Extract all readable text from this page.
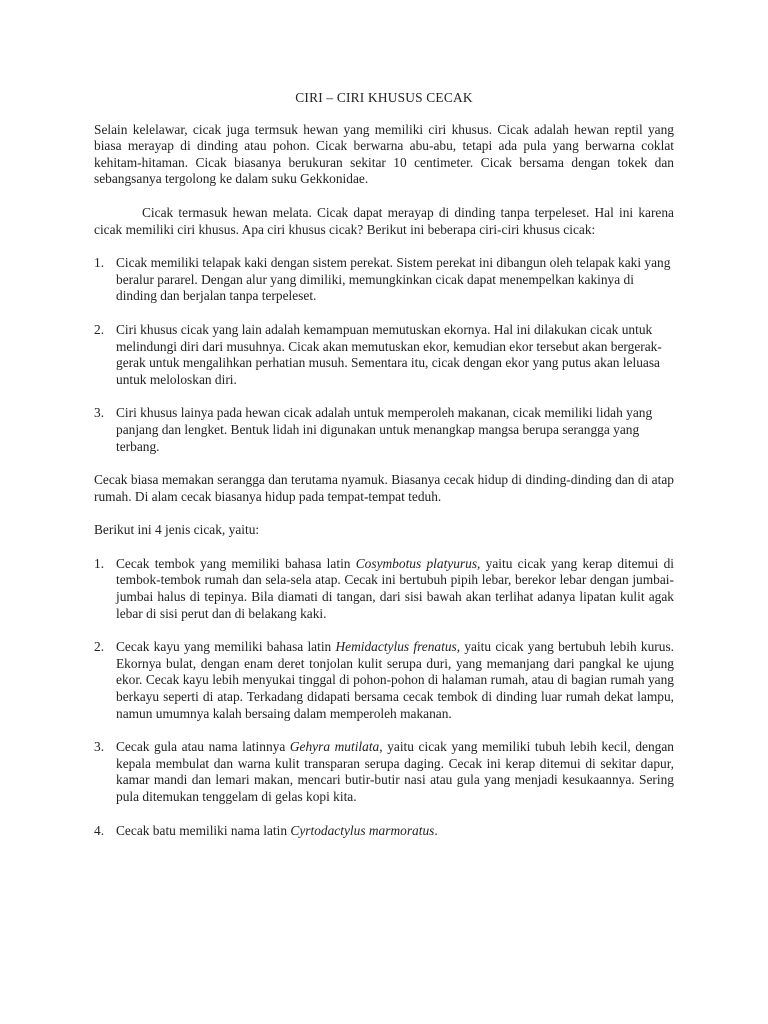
CIRI – CIRI KHUSUS CECAK

Selain kelelawar, cicak juga termsuk hewan yang memiliki ciri khusus. Cicak adalah hewan reptil yang biasa merayap di dinding atau pohon. Cicak berwarna abu-abu, tetapi ada pula yang berwarna coklat kehitam-hitaman. Cicak biasanya berukuran sekitar 10 centimeter. Cicak bersama dengan tokek dan sebangsanya tergolong ke dalam suku Gekkonidae.

Cicak termasuk hewan melata. Cicak dapat merayap di dinding tanpa terpeleset. Hal ini karena cicak memiliki ciri khusus. Apa ciri khusus cicak? Berikut ini beberapa ciri-ciri khusus cicak:

1. Cicak memiliki telapak kaki dengan sistem perekat. Sistem perekat ini dibangun oleh telapak kaki yang beralur pararel. Dengan alur yang dimiliki, memungkinkan cicak dapat menempelkan kakinya di dinding dan berjalan tanpa terpeleset.
2. Ciri khusus cicak yang lain adalah kemampuan memutuskan ekornya. Hal ini dilakukan cicak untuk melindungi diri dari musuhnya. Cicak akan memutuskan ekor, kemudian ekor tersebut akan bergerak-gerak untuk mengalihkan perhatian musuh. Sementara itu, cicak dengan ekor yang putus akan leluasa untuk meloloskan diri.
3. Ciri khusus lainya pada hewan cicak adalah untuk memperoleh makanan, cicak memiliki lidah yang panjang dan lengket. Bentuk lidah ini digunakan untuk menangkap mangsa berupa serangga yang terbang.

Cecak biasa memakan serangga dan terutama nyamuk. Biasanya cecak hidup di dinding-dinding dan di atap rumah. Di alam cecak biasanya hidup pada tempat-tempat teduh.

Berikut ini 4 jenis cicak, yaitu:

1. Cecak tembok yang memiliki bahasa latin Cosymbotus platyurus, yaitu cicak yang kerap ditemui di tembok-tembok rumah dan sela-sela atap. Cecak ini bertubuh pipih lebar, berekor lebar dengan jumbai-jumbai halus di tepinya. Bila diamati di tangan, dari sisi bawah akan terlihat adanya lipatan kulit agak lebar di sisi perut dan di belakang kaki.
2. Cecak kayu yang memiliki bahasa latin Hemidactylus frenatus, yaitu cicak yang bertubuh lebih kurus. Ekornya bulat, dengan enam deret tonjolan kulit serupa duri, yang memanjang dari pangkal ke ujung ekor. Cecak kayu lebih menyukai tinggal di pohon-pohon di halaman rumah, atau di bagian rumah yang berkayu seperti di atap. Terkadang didapati bersama cecak tembok di dinding luar rumah dekat lampu, namun umumnya kalah bersaing dalam memperoleh makanan.
3. Cecak gula atau nama latinnya Gehyra mutilata, yaitu cicak yang memiliki tubuh lebih kecil, dengan kepala membulat dan warna kulit transparan serupa daging. Cecak ini kerap ditemui di sekitar dapur, kamar mandi dan lemari makan, mencari butir-butir nasi atau gula yang menjadi kesukaannya. Sering pula ditemukan tenggelam di gelas kopi kita.
4. Cecak batu memiliki nama latin Cyrtodactylus marmoratus.
